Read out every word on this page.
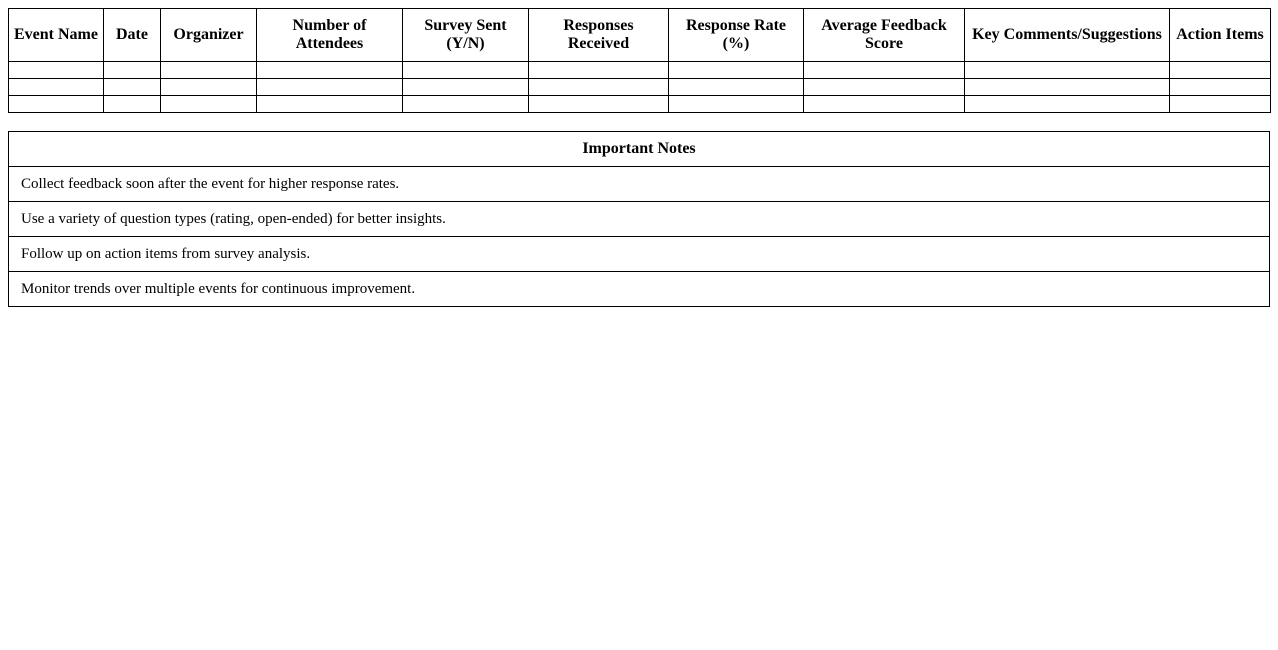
Event Name	Date	Organizer	Number of Attendees	Survey Sent (Y/N)	Responses Received	Response Rate (%)	Average Feedback Score	Key Comments/Suggestions	Action Items

Important Notes
Collect feedback soon after the event for higher response rates.
Use a variety of question types (rating, open-ended) for better insights.
Follow up on action items from survey analysis.
Monitor trends over multiple events for continuous improvement.
